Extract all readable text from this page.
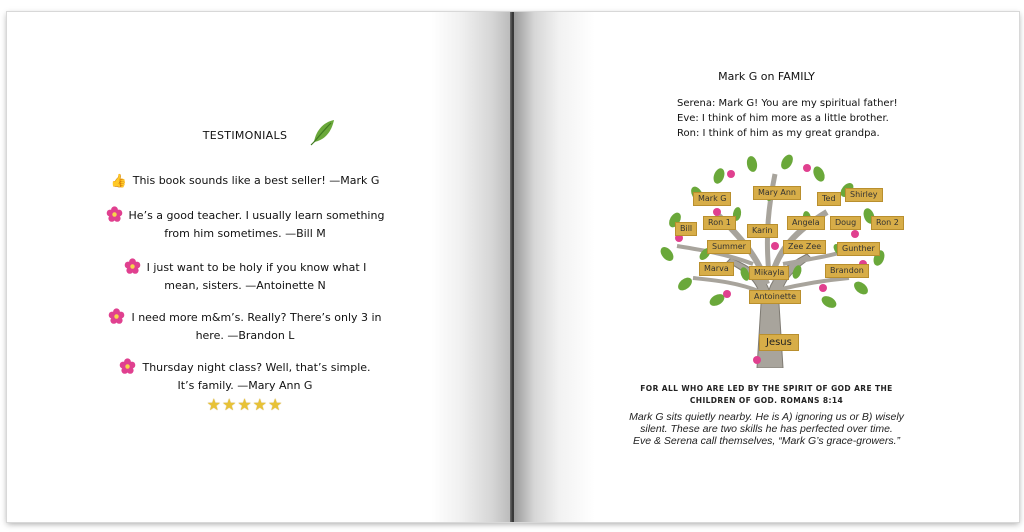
TESTIMONIALS
👍 This book sounds like a best seller! —Mark G
He’s a good teacher. I usually learn something
from him sometimes. —Bill M
I just want to be holy if you know what I
mean, sisters. —Antoinette N
I need more m&m’s. Really? There’s only 3 in
here. —Brandon L
Thursday night class? Well, that’s simple.
It’s family. —Mary Ann G
★★★★★
Mark G on FAMILY
Serena: Mark G! You are my spiritual father!
Eve: I think of him more as a little brother.
Ron: I think of him as my great grandpa.
Mark G
Mary Ann
Ted	Shirley
Bill
Ron 1
Karin
Angela	Doug	Ron 2
Summer	Zee Zee	Gunther
Marva	Mikayla	Brandon
Antoinette
Jesus
FOR ALL WHO ARE LED BY THE SPIRIT OF GOD ARE THE
CHILDREN OF GOD. ROMANS 8:14
Mark G sits quietly nearby. He is A) ignoring us or B) wisely
silent. These are two skills he has perfected over time.
Eve & Serena call themselves, “Mark G’s grace-growers.”
